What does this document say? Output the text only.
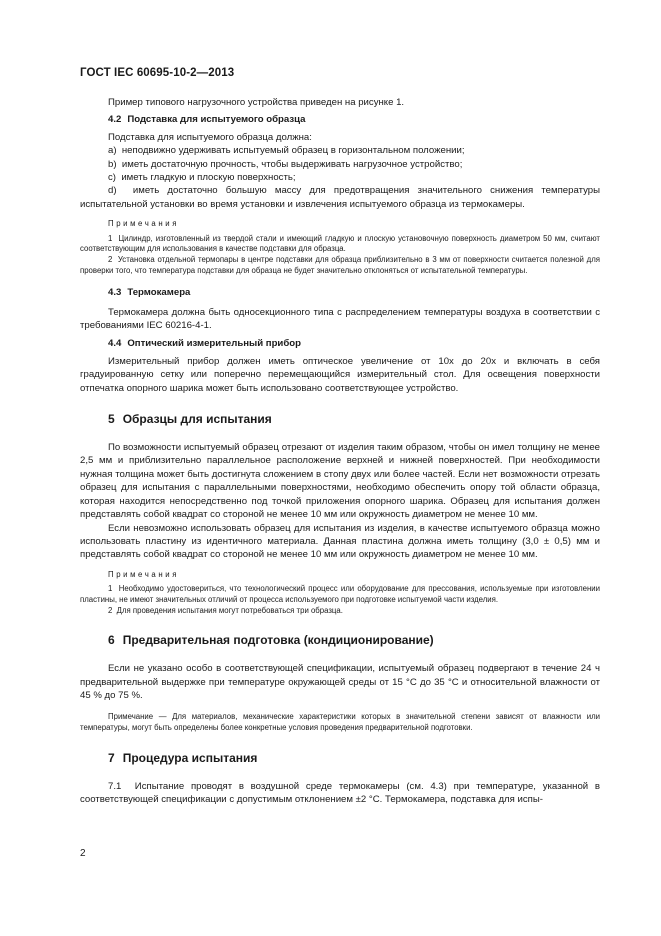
ГОСТ IEC 60695-10-2—2013

Пример типового нагрузочного устройства приведен на рисунке 1.

4.2 Подставка для испытуемого образца

Подставка для испытуемого образца должна:

a)  неподвижно удерживать испытуемый образец в горизонтальном положении;

b)  иметь достаточную прочность, чтобы выдерживать нагрузочное устройство;

c)  иметь гладкую и плоскую поверхность;

d)  иметь достаточно большую массу для предотвращения значительного снижения температуры испытательной установки во время установки и извлечения испытуемого образца из термокамеры.

Примечания

1  Цилиндр, изготовленный из твердой стали и имеющий гладкую и плоскую установочную поверхность диаметром 50 мм, считают соответствующим для использования в качестве подставки для образца.

2  Установка отдельной термопары в центре подставки для образца приблизительно в 3 мм от поверхности считается полезной для проверки того, что температура подставки для образца не будет значительно отклоняться от испытательной температуры.

4.3 Термокамера

Термокамера должна быть односекционного типа с распределением температуры воздуха в соответствии с требованиями IEC 60216-4-1.

4.4 Оптический измерительный прибор

Измерительный прибор должен иметь оптическое увеличение от 10х до 20х и включать в себя градуированную сетку или поперечно перемещающийся измерительный стол. Для освещения поверхности отпечатка опорного шарика может быть использовано соответствующее устройство.

5 Образцы для испытания

По возможности испытуемый образец отрезают от изделия таким образом, чтобы он имел толщину не менее 2,5 мм и приблизительно параллельное расположение верхней и нижней поверхностей. При необходимости нужная толщина может быть достигнута сложением в стопу двух или более частей. Если нет возможности отрезать образец для испытания с параллельными поверхностями, необходимо обеспечить опору той области образца, которая находится непосредственно под точкой приложения опорного шарика. Образец для испытания должен представлять собой квадрат со стороной не менее 10 мм или окружность диаметром не менее 10 мм.

Если невозможно использовать образец для испытания из изделия, в качестве испытуемого образца можно использовать пластину из идентичного материала. Данная пластина должна иметь толщину (3,0 ± 0,5) мм и представлять собой квадрат со стороной не менее 10 мм или окружность диаметром не менее 10 мм.

Примечания

1  Необходимо удостовериться, что технологический процесс или оборудование для прессования, используемые при изготовлении пластины, не имеют значительных отличий от процесса используемого при подготовке испытуемой части изделия.

2  Для проведения испытания могут потребоваться три образца.

6 Предварительная подготовка (кондиционирование)

Если не указано особо в соответствующей спецификации, испытуемый образец подвергают в течение 24 ч предварительной выдержке при температуре окружающей среды от 15 °С до 35 °С и относительной влажности от 45 % до 75 %.

Примечание — Для материалов, механические характеристики которых в значительной степени зависят от влажности или температуры, могут быть определены более конкретные условия проведения предварительной подготовки.

7 Процедура испытания

7.1  Испытание проводят в воздушной среде термокамеры (см. 4.3) при температуре, указанной в соответствующей спецификации с допустимым отклонением ±2 °С. Термокамера, подставка для испы-

2
